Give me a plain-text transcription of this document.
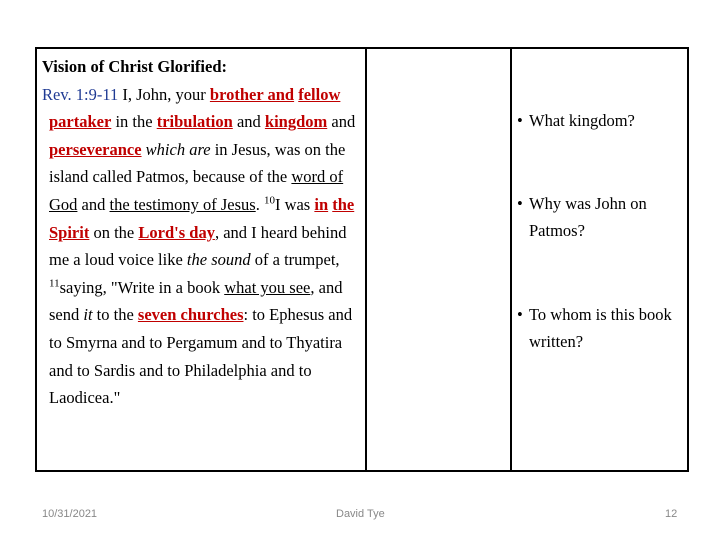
Vision of Christ Glorified:

Rev. 1:9-11 I, John, your brother and fellow partaker in the tribulation and kingdom and perseverance which are in Jesus, was on the island called Patmos, because of the word of God and the testimony of Jesus. $^{10}$I was in the Spirit on the Lord's day, and I heard behind me a loud voice like the sound of a trumpet, $^{11}$saying, "Write in a book what you see, and send it to the seven churches: to Ephesus and to Smyrna and to Pergamum and to Thyatira and to Sardis and to Philadelphia and to Laodicea."

• What kingdom?
• Why was John on Patmos?
• To whom is this book written?
10/31/2021	David Tye	12
